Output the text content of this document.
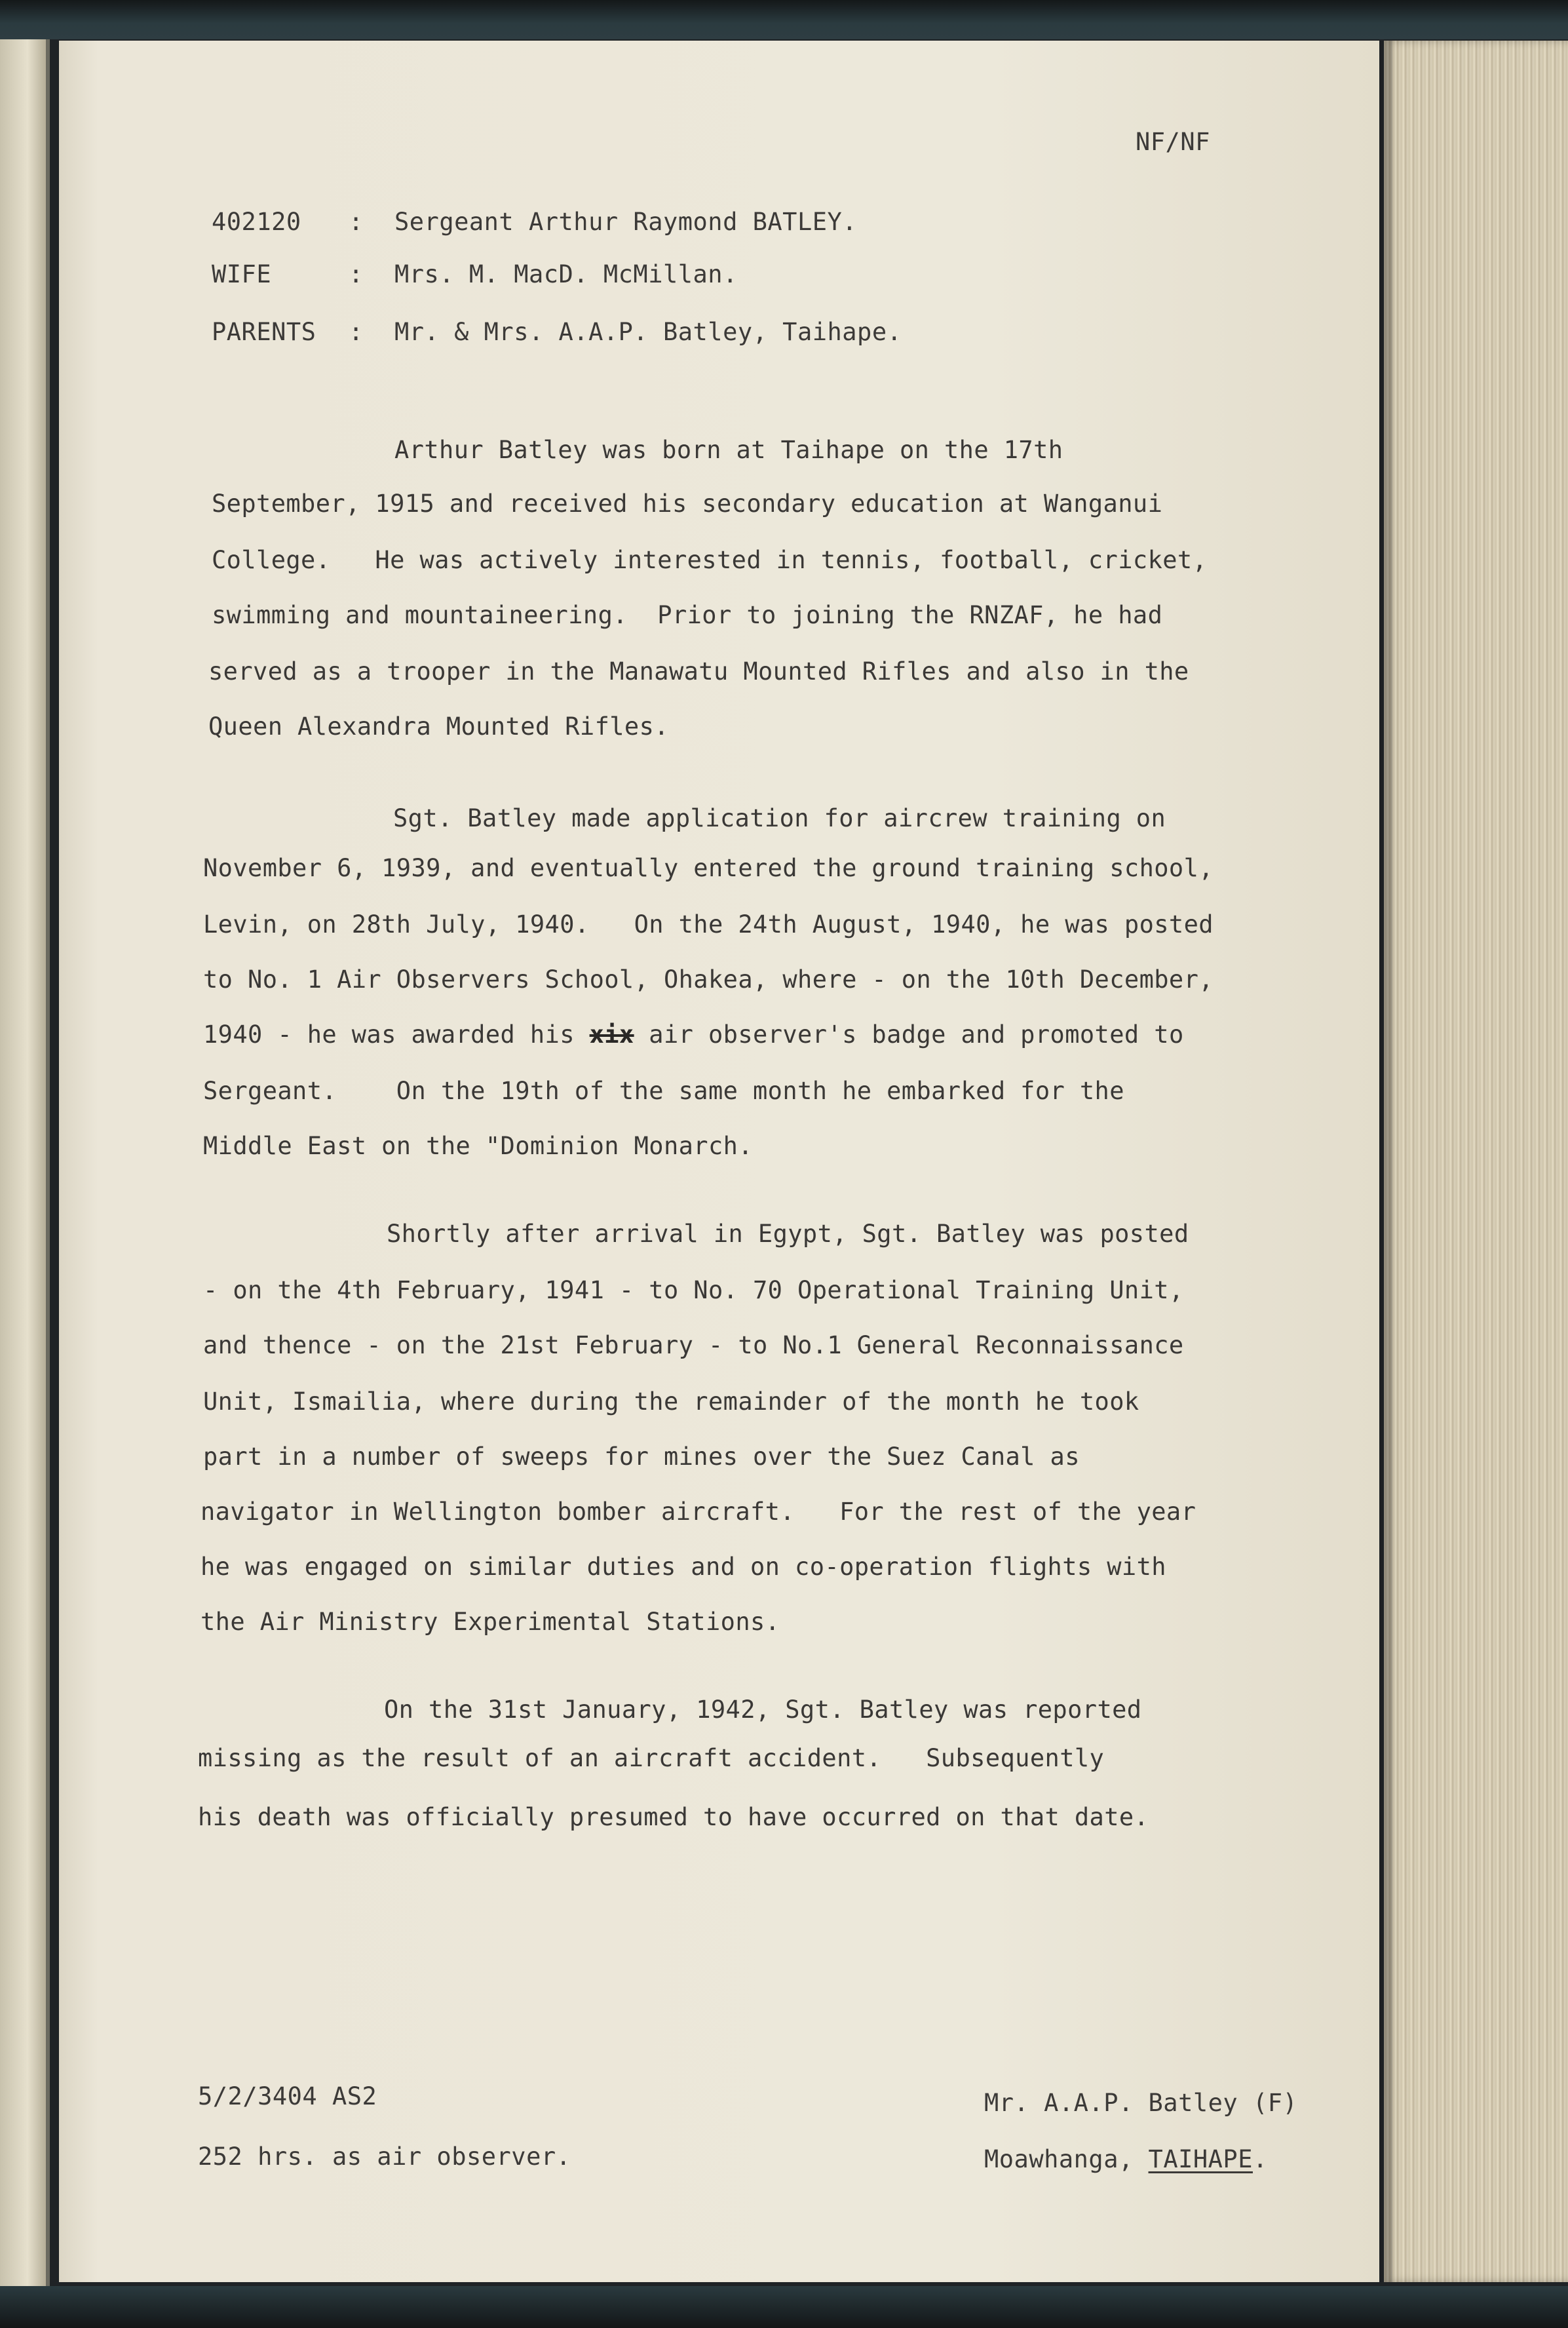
NF/NF
402120 : Sergeant Arthur Raymond BATLEY.
WIFE	: Mrs. M. MacD. McMillan.
PARENTS : Mr. & Mrs. A.A.P. Batley, Taihape.
Arthur Batley was born at Taihape on the 17th
September, 1915 and received his secondary education at Wanganui
College.   He was actively interested in tennis, football, cricket,
swimming and mountaineering.  Prior to joining the RNZAF, he had
served as a trooper in the Manawatu Mounted Rifles and also in the
Queen Alexandra Mounted Rifles.
Sgt. Batley made application for aircrew training on
November 6, 1939, and eventually entered the ground training school,
Levin, on 28th July, 1940.   On the 24th August, 1940, he was posted
to No. 1 Air Observers School, Ohakea, where - on the 10th December,
1940 - he was awarded his xix air observer's badge and promoted to
Sergeant.    On the 19th of the same month he embarked for the
Middle East on the "Dominion Monarch.
Shortly after arrival in Egypt, Sgt. Batley was posted
- on the 4th February, 1941 - to No. 70 Operational Training Unit,
and thence - on the 21st February - to No.1 General Reconnaissance
Unit, Ismailia, where during the remainder of the month he took
part in a number of sweeps for mines over the Suez Canal as
navigator in Wellington bomber aircraft.   For the rest of the year
he was engaged on similar duties and on co-operation flights with
the Air Ministry Experimental Stations.
On the 31st January, 1942, Sgt. Batley was reported
missing as the result of an aircraft accident.   Subsequently
his death was officially presumed to have occurred on that date.
5/2/3404 AS2
252 hrs. as air observer.
Mr. A.A.P. Batley (F)
Moawhanga, TAIHAPE.
